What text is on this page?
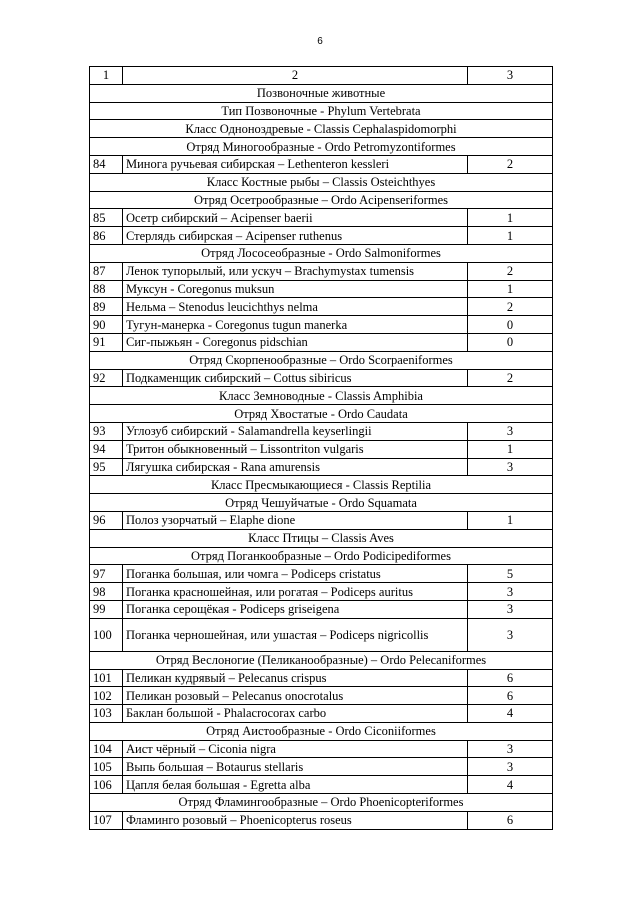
6
1	2	3
Позвоночные животные		
Тип Позвоночные - Phylum Vertebrata		
Класс Одноноздревые - Classis Cephalaspidomorphi		
Отряд Миногообразные - Ordo Petromyzontiformes		
84	Минога ручьевая сибирская – Lethenteron kessleri	2
Класс Костные рыбы – Classis Osteichthyes		
Отряд Осетрообразные – Ordo Acipenseriformes		
85	Осетр сибирский – Acipenser baerii	1
86	Стерлядь сибирская – Acipenser ruthenus	1
Отряд Лососеобразные - Ordo Salmoniformes		
87	Ленок тупорылый, или ускуч – Brachymystax tumensis	2
88	Муксун - Coregonus muksun	1
89	Нельма – Stenodus leucichthys nelma	2
90	Тугун-манерка - Coregonus tugun manerka	0
91	Сиг-пыжьян - Coregonus pidschian	0
Отряд Скорпенообразные – Ordo Scorpaeniformes		
92	Подкаменщик сибирский – Cottus sibiricus	2
Класс Земноводные - Classis Amphibia		
Отряд Хвостатые - Ordo Caudata		
93	Углозуб сибирский - Salamandrella keyserlingii	3
94	Тритон обыкновенный – Lissontriton vulgaris	1
95	Лягушка сибирская - Rana amurensis	3
Класс Пресмыкающиеся - Classis Reptilia		
Отряд Чешуйчатые - Ordo Squamata		
96	Полоз узорчатый – Elaphe dione	1
Класс Птицы – Classis Aves		
Отряд Поганкообразные – Ordo Podicipediformes		
97	Поганка большая, или чомга – Podiceps cristatus	5
98	Поганка красношейная, или рогатая – Podiceps auritus	3
99	Поганка серощёкая - Podiceps griseigena	3
100	Поганка черношейная, или ушастая – Podiceps nigricollis	3
Отряд Веслоногие (Пеликанообразные) – Ordo Pelecaniformes		
101	Пеликан кудрявый – Pelecanus crispus	6
102	Пеликан розовый – Pelecanus onocrotalus	6
103	Баклан большой - Phalacrocorax carbo	4
Отряд Аистообразные - Ordo Ciconiiformes		
104	Аист чёрный – Ciconia nigra	3
105	Выпь большая – Botaurus stellaris	3
106	Цапля белая большая - Egretta alba	4
Отряд Фламингообразные – Ordo Phoenicopteriformes		
107	Фламинго розовый – Phoenicopterus roseus	6
